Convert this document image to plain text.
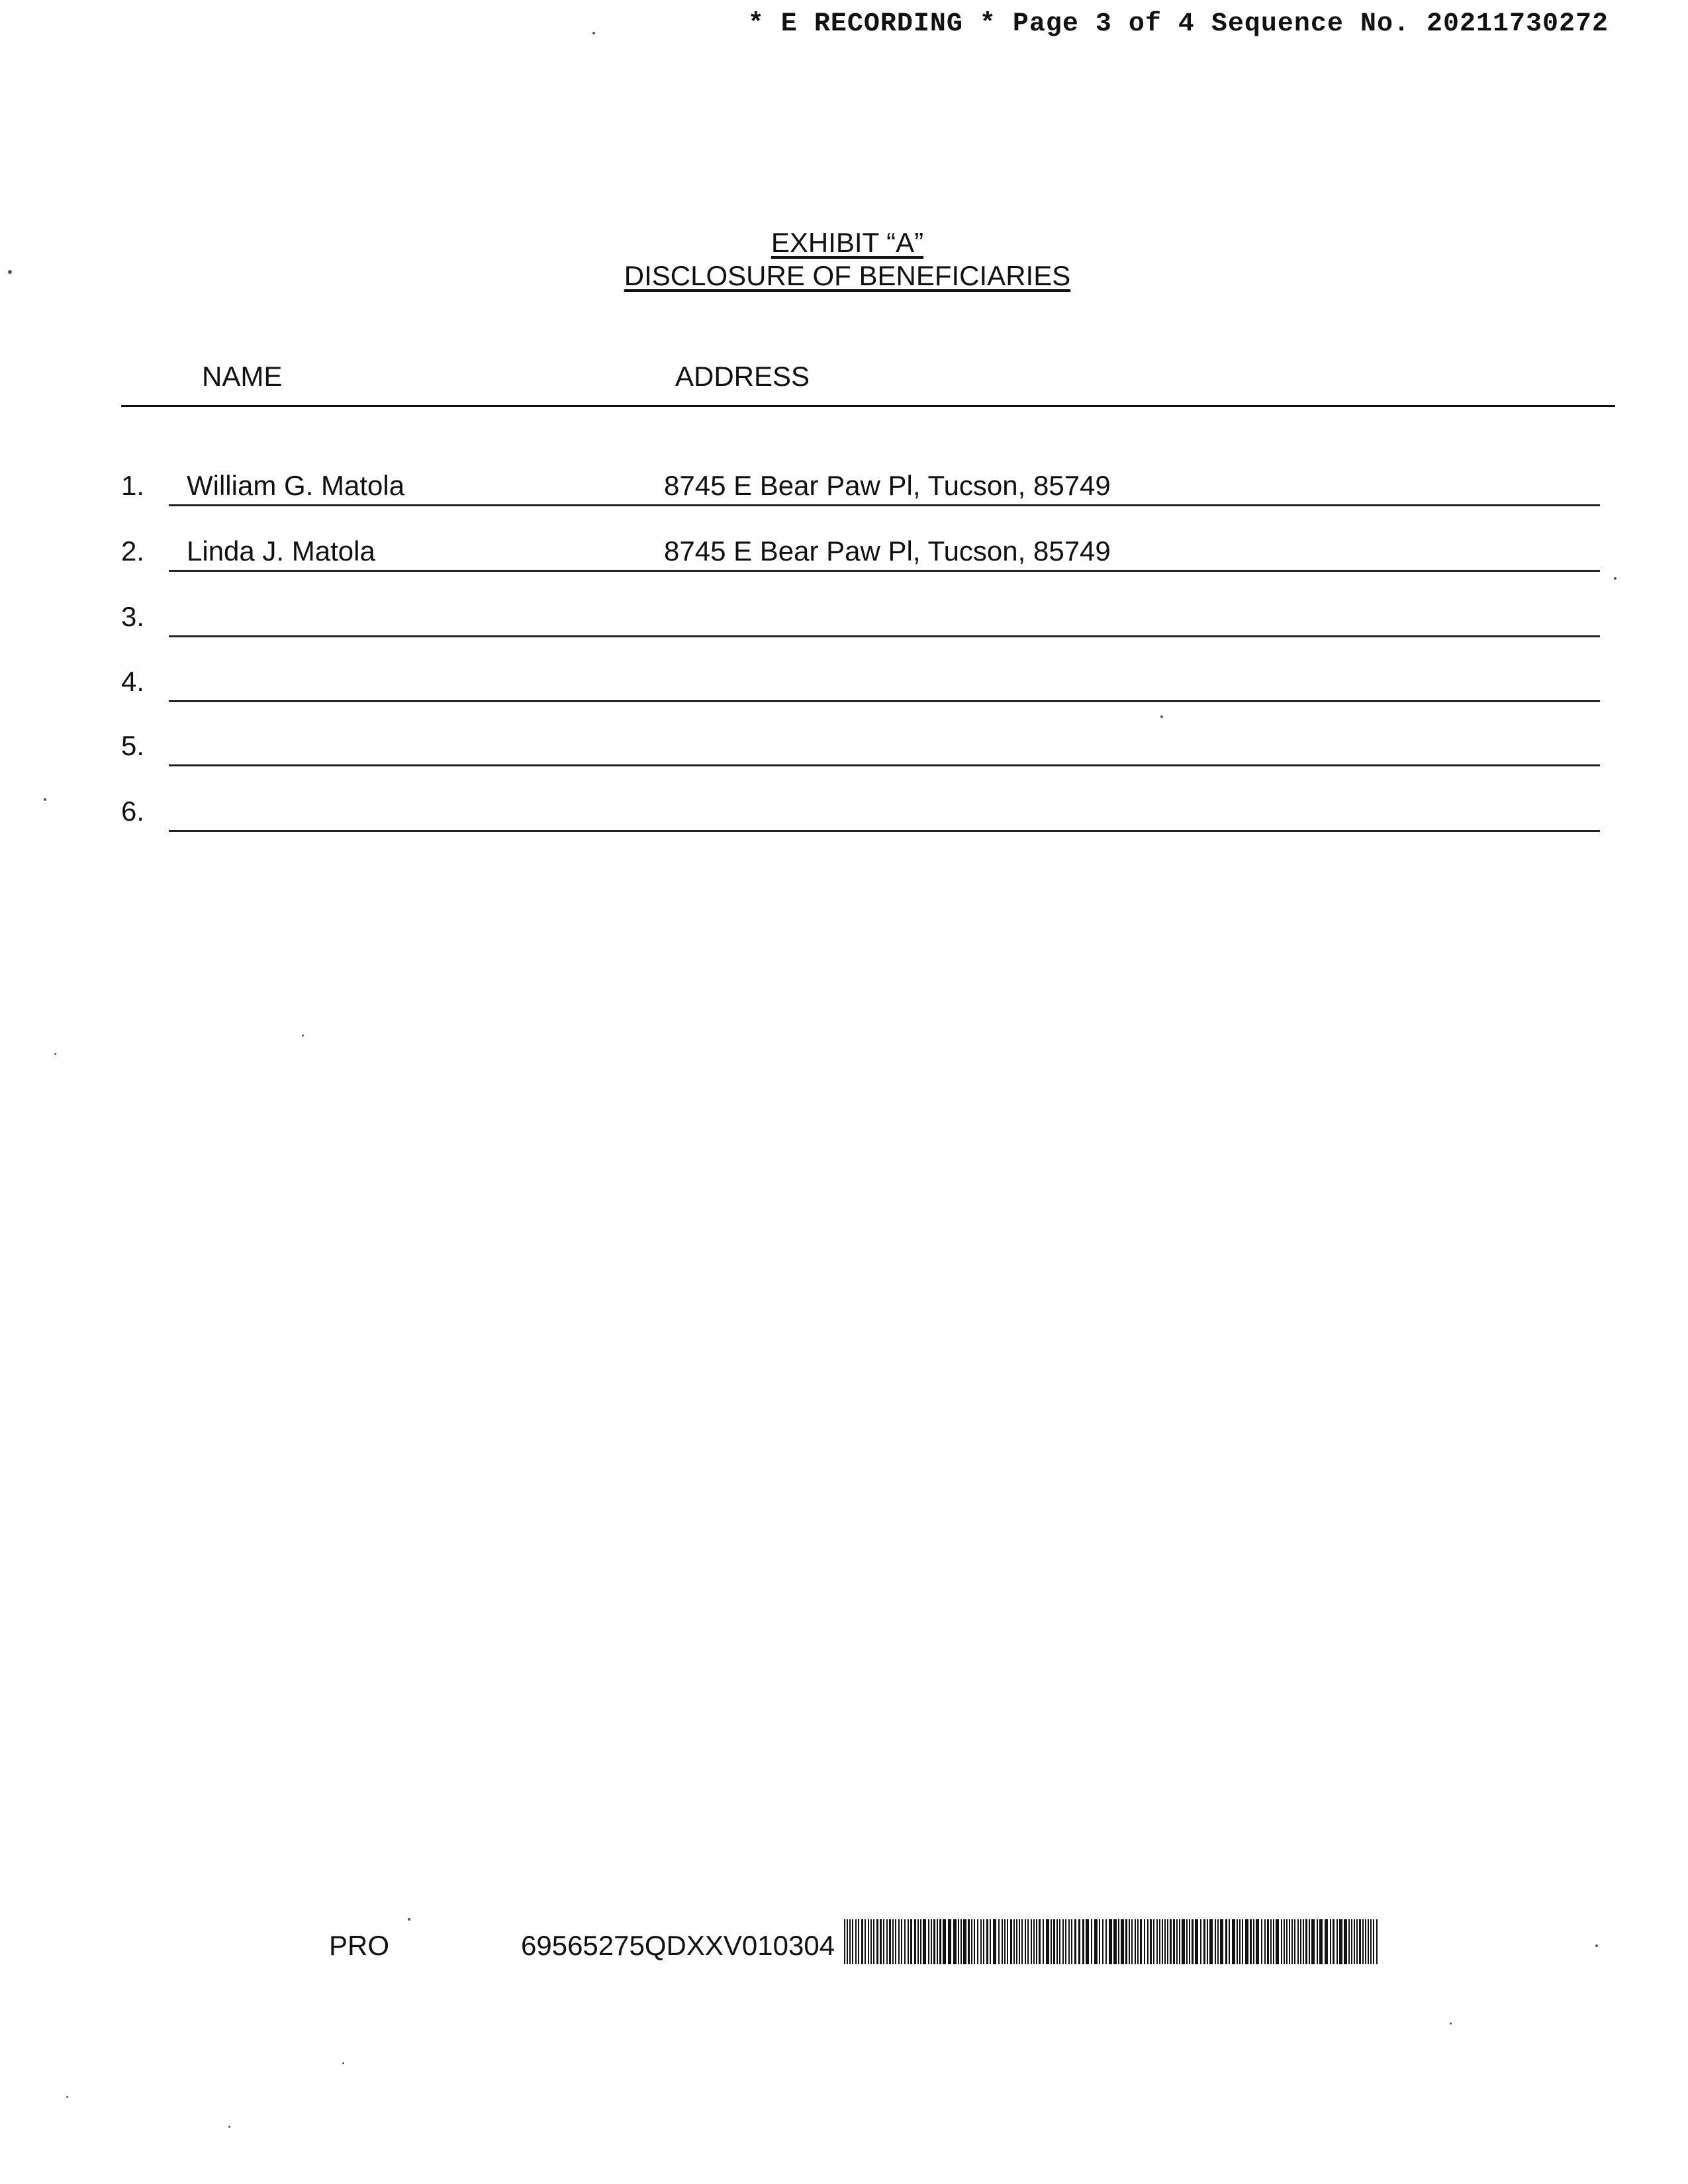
* E RECORDING * Page 3 of 4 Sequence No. 20211730272
EXHIBIT “A”
DISCLOSURE OF BENEFICIARIES
NAME	ADDRESS
1. William G. Matola	8745 E Bear Paw Pl, Tucson, 85749
2. Linda J. Matola	8745 E Bear Paw Pl, Tucson, 85749
3.
4.
5.
6.
PRO	69565275QDXXV010304
